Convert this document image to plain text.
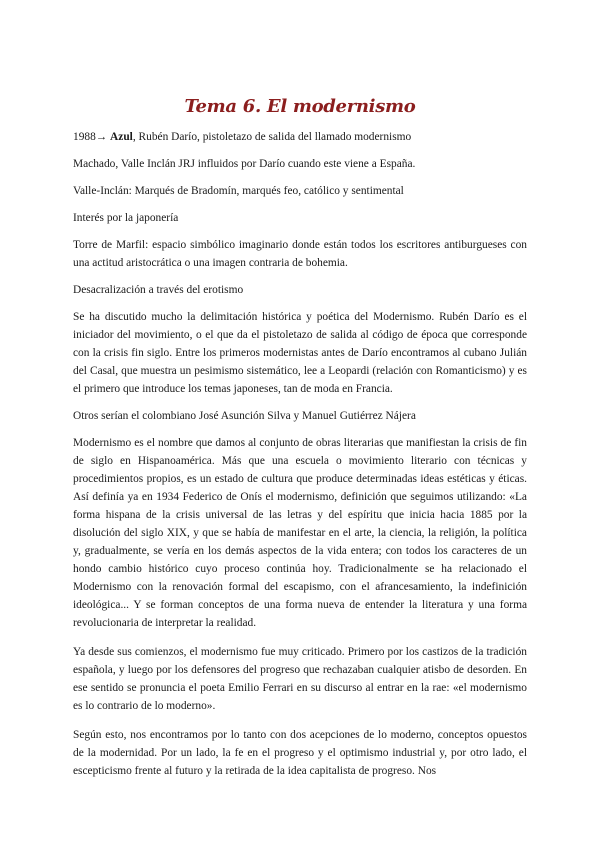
Tema 6. El modernismo

1988→ Azul, Rubén Darío, pistoletazo de salida del llamado modernismo

Machado, Valle Inclán JRJ influidos por Darío cuando este viene a España.

Valle-Inclán: Marqués de Bradomín, marqués feo, católico y sentimental

Interés por la japonería

Torre de Marfil: espacio simbólico imaginario donde están todos los escritores antiburgueses con una actitud aristocrática o una imagen contraria de bohemia.

Desacralización a través del erotismo

Se ha discutido mucho la delimitación histórica y poética del Modernismo. Rubén Darío es el iniciador del movimiento, o el que da el pistoletazo de salida al código de época que corresponde con la crisis fin siglo. Entre los primeros modernistas antes de Darío encontramos al cubano Julián del Casal, que muestra un pesimismo sistemático, lee a Leopardi (relación con Romanticismo) y es el primero que introduce los temas japoneses, tan de moda en Francia.

Otros serían el colombiano José Asunción Silva y Manuel Gutiérrez Nájera

Modernismo es el nombre que damos al conjunto de obras literarias que manifiestan la crisis de fin de siglo en Hispanoamérica. Más que una escuela o movimiento literario con técnicas y procedimientos propios, es un estado de cultura que produce determinadas ideas estéticas y éticas. Así definía ya en 1934 Federico de Onís el modernismo, definición que seguimos utilizando: «La forma hispana de la crisis universal de las letras y del espíritu que inicia hacia 1885 por la disolución del siglo XIX, y que se había de manifestar en el arte, la ciencia, la religión, la política y, gradualmente, se vería en los demás aspectos de la vida entera; con todos los caracteres de un hondo cambio histórico cuyo proceso continúa hoy. Tradicionalmente se ha relacionado el Modernismo con la renovación formal del escapismo, con el afrancesamiento, la indefinición ideológica... Y se forman conceptos de una forma nueva de entender la literatura y una forma revolucionaria de interpretar la realidad.

Ya desde sus comienzos, el modernismo fue muy criticado. Primero por los castizos de la tradición española, y luego por los defensores del progreso que rechazaban cualquier atisbo de desorden. En ese sentido se pronuncia el poeta Emilio Ferrari en su discurso al entrar en la rae: «el modernismo es lo contrario de lo moderno».

Según esto, nos encontramos por lo tanto con dos acepciones de lo moderno, conceptos opuestos de la modernidad. Por un lado, la fe en el progreso y el optimismo industrial y, por otro lado, el escepticismo frente al futuro y la retirada de la idea capitalista de progreso. Nos
